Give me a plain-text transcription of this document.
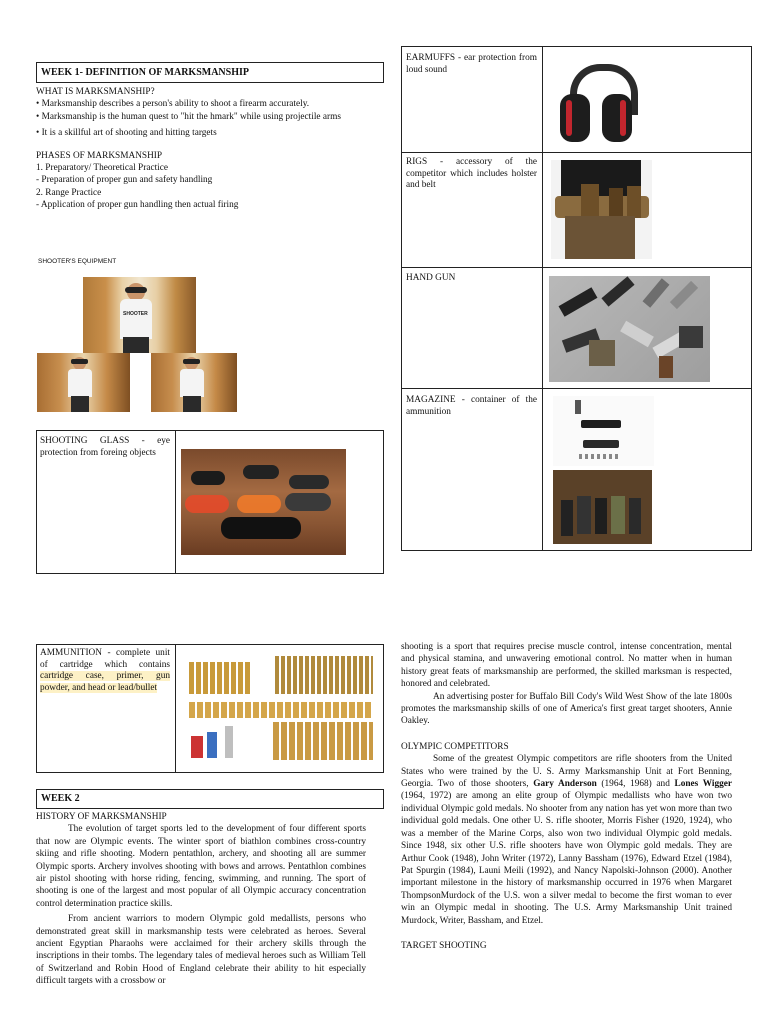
WEEK 1- DEFINITION OF MARKSMANSHIP

WHAT IS MARKSMANSHIP?

• Marksmanship describes a person's ability to shoot a firearm accurately.

• Marksmanship is the human quest to "hit the hmark" while using projectile arms

• It is a skillful art of shooting and hitting targets

PHASES OF MARKSMANSHIP

1. Preparatory/ Theoretical Practice

- Preparation of proper gun and safety handling

2. Range Practice

- Application of proper gun handling then actual firing

SHOOTER'S EQUIPMENT
SHOOTER
SHOOTING GLASS - eye protection from foreing objects
EARMUFFS - ear protection from loud sound
RIGS - accessory of the competitor which includes holster and belt
HAND GUN
MAGAZINE - container of the ammunition
AMMUNITION - complete unit of cartridge which contains cartridge case, primer, gun powder, and head or lead/bullet
WEEK 2

HISTORY OF MARKSMANSHIP

The evolution of target sports led to the development of four different sports that now are Olympic events. The winter sport of biathlon combines cross-country skiing and rifle shooting. Modern pentathlon, archery, and shooting all are summer Olympic sports. Archery involves shooting with bows and arrows. Pentathlon combines air pistol shooting with horse riding, fencing, swimming, and running. The sport of shooting is one of the largest and most popular of all Olympic accuracy concentration control determination practice skills.

From ancient warriors to modern Olympic gold medallists, persons who demonstrated great skill in marksmanship tests were celebrated as heroes. Several ancient Egyptian Pharaohs were acclaimed for their archery skills through the inscriptions in their tombs. The legendary tales of medieval heroes such as William Tell of Switzerland and Robin Hood of England celebrate their ability to hit especially difficult targets with a crossbow or

shooting is a sport that requires precise muscle control, intense concentration, mental and physical stamina, and unwavering emotional control. No matter when in human history great feats of marksmanship are performed, the skilled marksman is respected, honored and celebrated.

An advertising poster for Buffalo Bill Cody's Wild West Show of the late 1800s promotes the marksmanship skills of one of America's first great target shooters, Annie Oakley.

OLYMPIC COMPETITORS

Some of the greatest Olympic competitors are rifle shooters from the United States who were trained by the U. S. Army Marksmanship Unit at Fort Benning, Georgia. Two of those shooters, Gary Anderson (1964, 1968) and Lones Wigger (1964, 1972) are among an elite group of Olympic medallists who have won two individual Olympic gold medals. No shooter from any nation has yet won more than two individual gold medals. One other U. S. rifle shooter, Morris Fisher (1920, 1924), who was a member of the Marine Corps, also won two individual Olympic gold medals. Since 1948, six other U.S. rifle shooters have won Olympic gold medals. They are Arthur Cook (1948), John Writer (1972), Lanny Bassham (1976), Edward Etzel (1984), Pat Spurgin (1984), Launi Meili (1992), and Nancy Napolski-Johnson (2000). Another important milestone in the history of marksmanship occurred in 1976 when Margaret ThompsonMurdock of the U.S. won a silver medal to become the first woman to ever win an Olympic medal in shooting. The U.S. Army Marksmanship Unit trained Murdock, Writer, Bassham, and Etzel.

TARGET SHOOTING
